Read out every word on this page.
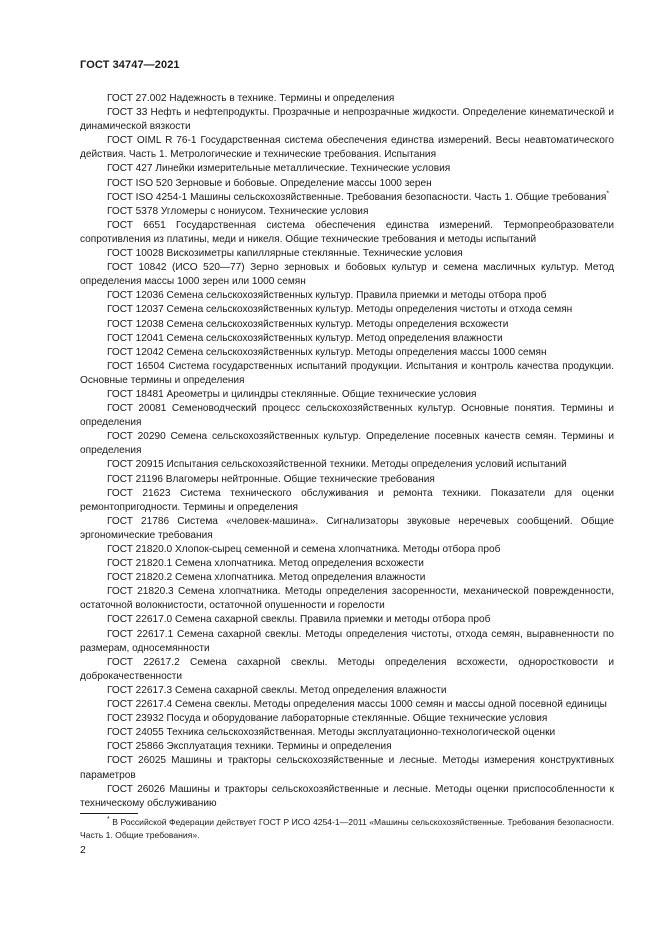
ГОСТ 34747—2021

ГОСТ 27.002 Надежность в технике. Термины и определения

ГОСТ 33 Нефть и нефтепродукты. Прозрачные и непрозрачные жидкости. Определение кинематической и динамической вязкости

ГОСТ OIML R 76-1 Государственная система обеспечения единства измерений. Весы неавтоматического действия. Часть 1. Метрологические и технические требования. Испытания

ГОСТ 427 Линейки измерительные металлические. Технические условия

ГОСТ ISO 520 Зерновые и бобовые. Определение массы 1000 зерен

ГОСТ ISO 4254-1 Машины сельскохозяйственные. Требования безопасности. Часть 1. Общие требования*

ГОСТ 5378 Угломеры с нониусом. Технические условия

ГОСТ 6651 Государственная система обеспечения единства измерений. Термопреобразователи сопротивления из платины, меди и никеля. Общие технические требования и методы испытаний

ГОСТ 10028 Вискозиметры капиллярные стеклянные. Технические условия

ГОСТ 10842 (ИСО 520—77) Зерно зерновых и бобовых культур и семена масличных культур. Метод определения массы 1000 зерен или 1000 семян

ГОСТ 12036 Семена сельскохозяйственных культур. Правила приемки и методы отбора проб

ГОСТ 12037 Семена сельскохозяйственных культур. Методы определения чистоты и отхода семян

ГОСТ 12038 Семена сельскохозяйственных культур. Методы определения всхожести

ГОСТ 12041 Семена сельскохозяйственных культур. Метод определения влажности

ГОСТ 12042 Семена сельскохозяйственных культур. Методы определения массы 1000 семян

ГОСТ 16504 Система государственных испытаний продукции. Испытания и контроль качества продукции. Основные термины и определения

ГОСТ 18481 Ареометры и цилиндры стеклянные. Общие технические условия

ГОСТ 20081 Семеноводческий процесс сельскохозяйственных культур. Основные понятия. Термины и определения

ГОСТ 20290 Семена сельскохозяйственных культур. Определение посевных качеств семян. Термины и определения

ГОСТ 20915 Испытания сельскохозяйственной техники. Методы определения условий испытаний

ГОСТ 21196 Влагомеры нейтронные. Общие технические требования

ГОСТ 21623 Система технического обслуживания и ремонта техники. Показатели для оценки ремонтопригодности. Термины и определения

ГОСТ 21786 Система «человек-машина». Сигнализаторы звуковые неречевых сообщений. Общие эргономические требования

ГОСТ 21820.0 Хлопок-сырец семенной и семена хлопчатника. Методы отбора проб

ГОСТ 21820.1 Семена хлопчатника. Метод определения всхожести

ГОСТ 21820.2 Семена хлопчатника. Метод определения влажности

ГОСТ 21820.3 Семена хлопчатника. Методы определения засоренности, механической поврежденности, остаточной волокнистости, остаточной опушенности и горелости

ГОСТ 22617.0 Семена сахарной свеклы. Правила приемки и методы отбора проб

ГОСТ 22617.1 Семена сахарной свеклы. Методы определения чистоты, отхода семян, выравненности по размерам, односемянности

ГОСТ 22617.2 Семена сахарной свеклы. Методы определения всхожести, одноростковости и доброкачественности

ГОСТ 22617.3 Семена сахарной свеклы. Метод определения влажности

ГОСТ 22617.4 Семена свеклы. Методы определения массы 1000 семян и массы одной посевной единицы

ГОСТ 23932 Посуда и оборудование лабораторные стеклянные. Общие технические условия

ГОСТ 24055 Техника сельскохозяйственная. Методы эксплуатационно-технологической оценки

ГОСТ 25866 Эксплуатация техники. Термины и определения

ГОСТ 26025 Машины и тракторы сельскохозяйственные и лесные. Методы измерения конструктивных параметров

ГОСТ 26026 Машины и тракторы сельскохозяйственные и лесные. Методы оценки приспособленности к техническому обслуживанию

* В Российской Федерации действует ГОСТ Р ИСО 4254-1—2011 «Машины сельскохозяйственные. Требования безопасности. Часть 1. Общие требования».

2
